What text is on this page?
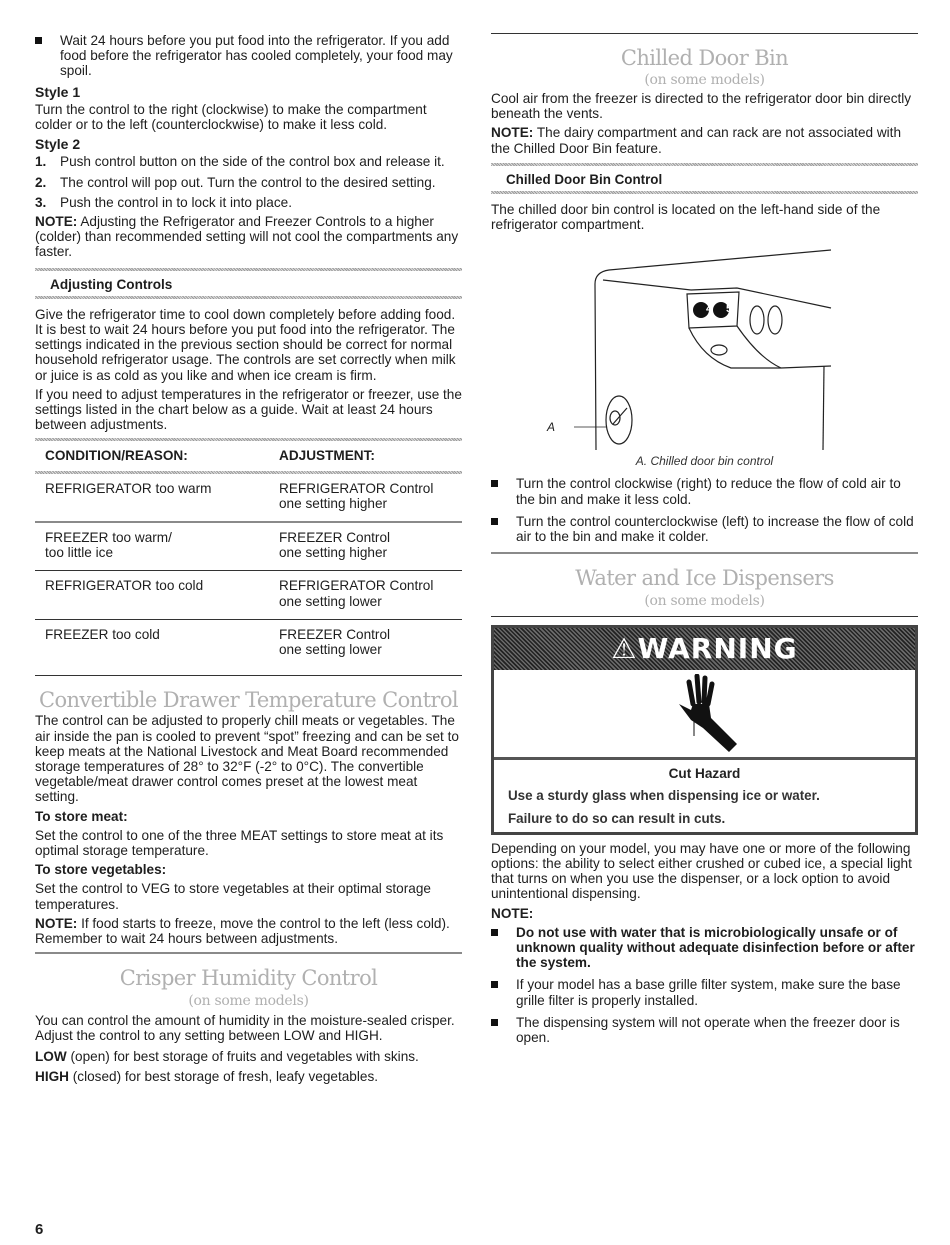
Wait 24 hours before you put food into the refrigerator. If you add food before the refrigerator has cooled completely, your food may spoil.

Style 1

Turn the control to the right (clockwise) to make the compartment colder or to the left (counterclockwise) to make it less cold.

Style 2

1. Push control button on the side of the control box and release it.

2. The control will pop out. Turn the control to the desired setting.

3. Push the control in to lock it into place.

NOTE: Adjusting the Refrigerator and Freezer Controls to a higher (colder) than recommended setting will not cool the compartments any faster.

Adjusting Controls

Give the refrigerator time to cool down completely before adding food. It is best to wait 24 hours before you put food into the refrigerator. The settings indicated in the previous section should be correct for normal household refrigerator usage. The controls are set correctly when milk or juice is as cold as you like and when ice cream is firm.

If you need to adjust temperatures in the refrigerator or freezer, use the settings listed in the chart below as a guide. Wait at least 24 hours between adjustments.

CONDITION/REASON:	ADJUSTMENT:

REFRIGERATOR too warm	REFRIGERATOR Control
one setting higher

FREEZER too warm/
too little ice	FREEZER Control
one setting higher

REFRIGERATOR too cold	REFRIGERATOR Control
one setting lower

FREEZER too cold	FREEZER Control
one setting lower

Convertible Drawer Temperature Control

The control can be adjusted to properly chill meats or vegetables. The air inside the pan is cooled to prevent “spot” freezing and can be set to keep meats at the National Livestock and Meat Board recommended storage temperatures of 28° to 32°F (-2° to 0°C). The convertible vegetable/meat drawer control comes preset at the lowest meat setting.

To store meat:

Set the control to one of the three MEAT settings to store meat at its optimal storage temperature.

To store vegetables:

Set the control to VEG to store vegetables at their optimal storage temperatures.

NOTE: If food starts to freeze, move the control to the left (less cold). Remember to wait 24 hours between adjustments.

Crisper Humidity Control

(on some models)

You can control the amount of humidity in the moisture-sealed crisper. Adjust the control to any setting between LOW and HIGH.

LOW (open) for best storage of fruits and vegetables with skins.

HIGH (closed) for best storage of fresh, leafy vegetables.

6

Chilled Door Bin

(on some models)

Cool air from the freezer is directed to the refrigerator door bin directly beneath the vents.

NOTE: The dairy compartment and can rack are not associated with the Chilled Door Bin feature.

Chilled Door Bin Control

The chilled door bin control is located on the left-hand side of the refrigerator compartment.

4 5
A

A. Chilled door bin control

Turn the control clockwise (right) to reduce the flow of cold air to the bin and make it less cold.

Turn the control counterclockwise (left) to increase the flow of cold air to the bin and make it colder.

Water and Ice Dispensers

(on some models)

⚠WARNING

Cut Hazard

Use a sturdy glass when dispensing ice or water.

Failure to do so can result in cuts.

Depending on your model, you may have one or more of the following options: the ability to select either crushed or cubed ice, a special light that turns on when you use the dispenser, or a lock option to avoid unintentional dispensing.

NOTE:

Do not use with water that is microbiologically unsafe or of unknown quality without adequate disinfection before or after the system.

If your model has a base grille filter system, make sure the base grille filter is properly installed.

The dispensing system will not operate when the freezer door is open.
